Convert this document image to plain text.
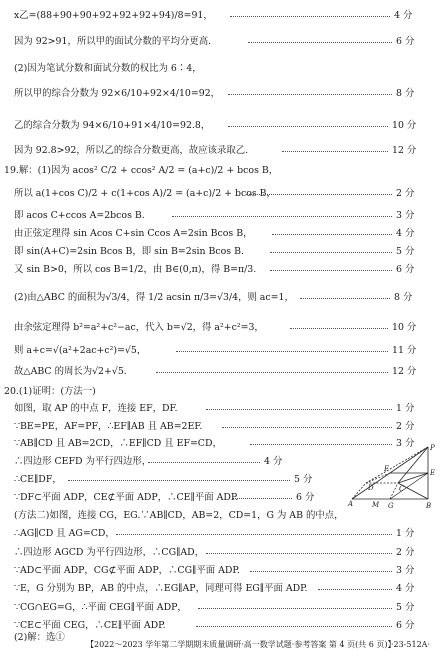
x乙=(88+90+90+92+92+92+94)/8=91，	4 分
因为 92>91，所以甲的面试分数的平均分更高.	6 分
(2)因为笔试分数和面试分数的权比为 6∶4，
所以甲的综合分数为 92×6/10+92×4/10=92，	8 分
乙的综合分数为 94×6/10+91×4/10=92.8，	10 分
因为 92.8>92，所以乙的综合分数更高，故应该录取乙.	12 分
19.解：(1)因为 acos² C/2 + ccos² A/2 = (a+c)/2 + bcos B，
所以 a(1+cos C)/2 + c(1+cos A)/2 = (a+c)/2 + bcos B，	2 分
即 acos C+ccos A=2bcos B.	3 分
由正弦定理得 sin Acos C+sin Ccos A=2sin Bcos B，	4 分
即 sin(A+C)=2sin Bcos B，即 sin B=2sin Bcos B.	5 分
又 sin B>0，所以 cos B=1/2，由 B∈(0,π)，得 B=π/3.	6 分
(2)由△ABC 的面积为√3/4，得 1/2 acsin π/3=√3/4，则 ac=1，	8 分
由余弦定理得 b²=a²+c²−ac，代入 b=√2，得 a²+c²=3，	10 分
则 a+c=√(a²+2ac+c²)=√5，	11 分
故△ABC 的周长为√2+√5.	12 分
20.(1)证明：(方法一)
如图，取 AP 的中点 F，连接 EF，DF.	1 分
∵BE=PE，AF=PF，∴EF∥AB 且 AB=2EF.	2 分
∵AB∥CD 且 AB=2CD，∴EF∥CD 且 EF=CD，	3 分
∴四边形 CEFD 为平行四边形，	4 分
∴CE∥DF，	5 分
∵DF⊂平面 ADP，CE⊄平面 ADP，∴CE∥平面 ADP.	6 分
(方法二)如图，连接 CG，EG.∵AB∥CD，AB=2，CD=1，G 为 AB 的中点，
∴AG∥CD 且 AG=CD，	1 分
∴四边形 AGCD 为平行四边形，∴CG∥AD，	2 分
∵AD⊂平面 ADP，CG⊄平面 ADP，∴CG∥平面 ADP.	3 分
∵E，G 分别为 BP，AB 的中点，∴EG∥AP，同理可得 EG∥平面 ADP.	4 分
∵CG∩EG=G，∴平面 CEG∥平面 ADP，	5 分
∵CE⊂平面 CEG，∴CE∥平面 ADP.	6 分
(2)解：选①
P
A	B
C
D
E
F
G
M
【2022～2023 学年第二学期期末质量调研·高一数学试题·参考答案 第 4 页(共 6 页)】
·23-512A·
